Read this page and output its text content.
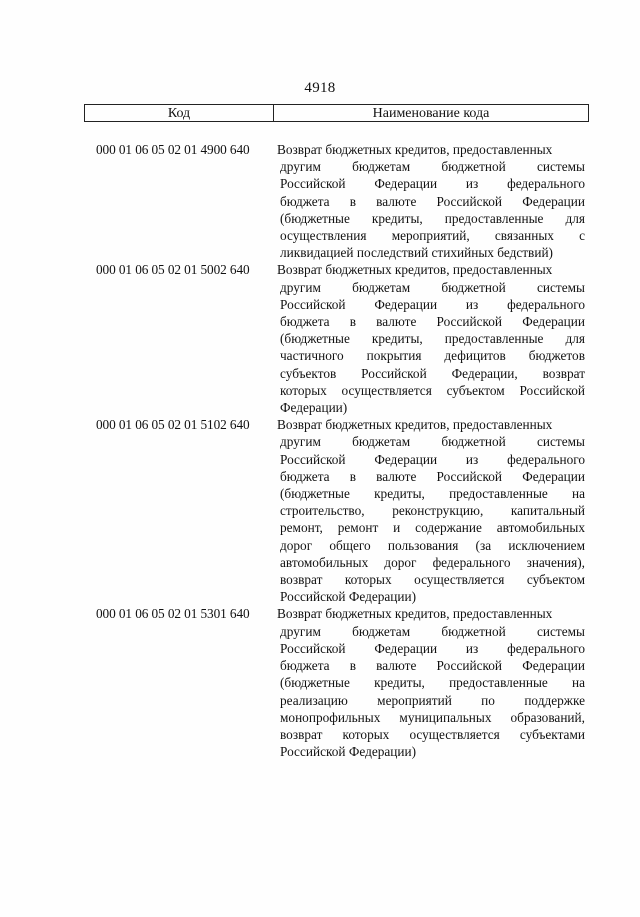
4918
Код	Наименование кода
000 01 06 05 02 01 4900 640	Возврат бюджетных кредитов, предоставленных
другим бюджетам бюджетной системы
Российской Федерации из федерального
бюджета в валюте Российской Федерации
(бюджетные кредиты, предоставленные для
осуществления мероприятий, связанных с
ликвидацией последствий стихийных бедствий)
000 01 06 05 02 01 5002 640	Возврат бюджетных кредитов, предоставленных
другим бюджетам бюджетной системы
Российской Федерации из федерального
бюджета в валюте Российской Федерации
(бюджетные кредиты, предоставленные для
частичного покрытия дефицитов бюджетов
субъектов Российской Федерации, возврат
которых осуществляется субъектом Российской
Федерации)
000 01 06 05 02 01 5102 640	Возврат бюджетных кредитов, предоставленных
другим бюджетам бюджетной системы
Российской Федерации из федерального
бюджета в валюте Российской Федерации
(бюджетные кредиты, предоставленные на
строительство, реконструкцию, капитальный
ремонт, ремонт и содержание автомобильных
дорог общего пользования (за исключением
автомобильных дорог федерального значения),
возврат которых осуществляется субъектом
Российской Федерации)
000 01 06 05 02 01 5301 640	Возврат бюджетных кредитов, предоставленных
другим бюджетам бюджетной системы
Российской Федерации из федерального
бюджета в валюте Российской Федерации
(бюджетные кредиты, предоставленные на
реализацию мероприятий по поддержке
монопрофильных муниципальных образований,
возврат которых осуществляется субъектами
Российской Федерации)
